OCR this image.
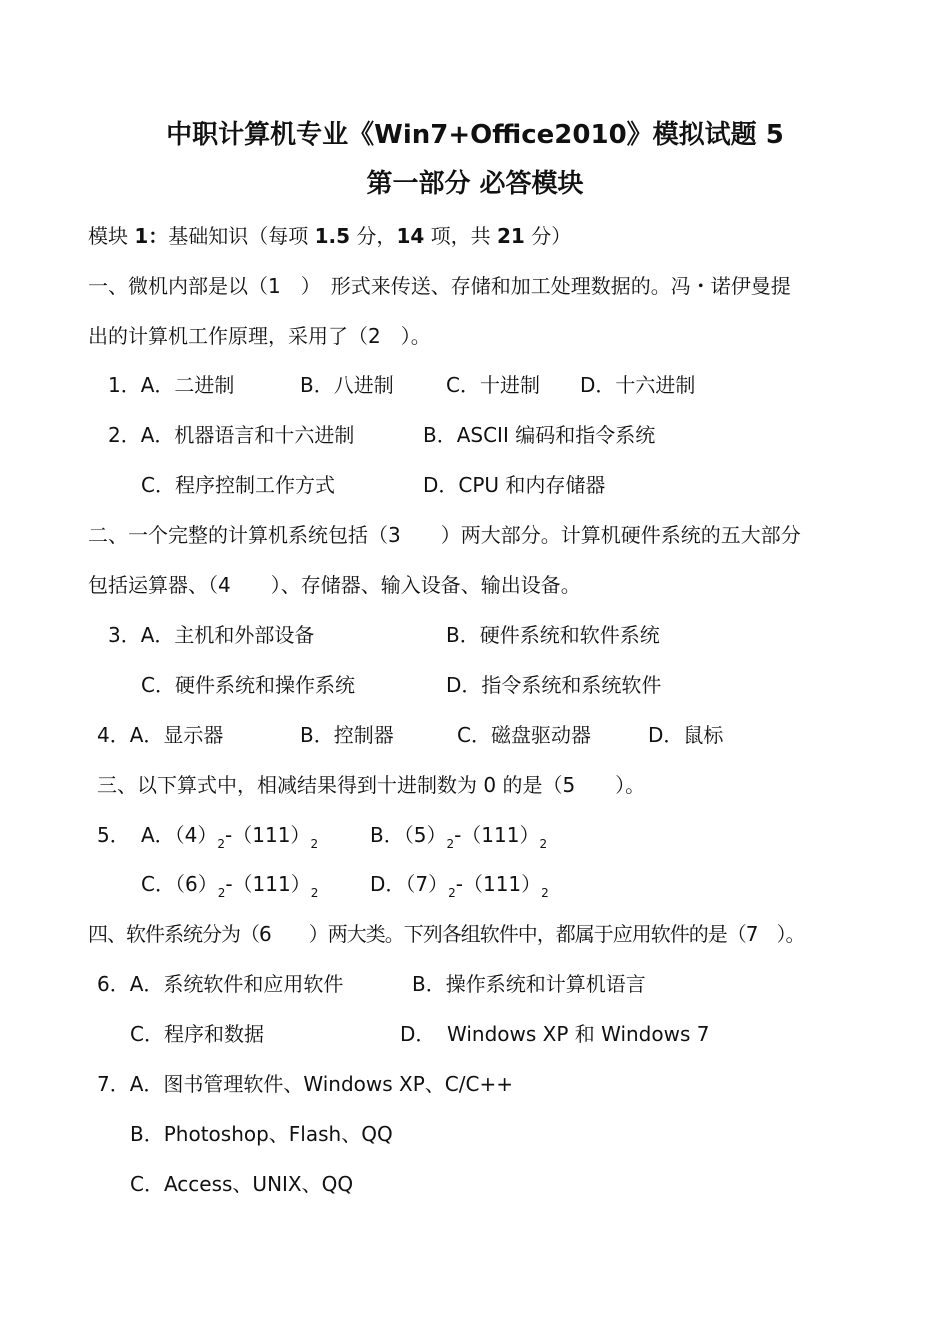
中职计算机专业《Win7+Office2010》模拟试题 5
第一部分 必答模块
模块 1：基础知识（每项 1.5 分，14 项，共 21 分）
一、微机内部是以（1　）　形式来传送、存储和加工处理数据的。冯・诺伊曼提
出的计算机工作原理，采用了（2　）。
1．A．二进制	B．八进制	C．十进制 D．十六进制
2．A．机器语言和十六进制	B．ASCII 编码和指令系统
C．程序控制工作方式	D．CPU 和内存储器
二、一个完整的计算机系统包括（3　　）两大部分。计算机硬件系统的五大部分
包括运算器、（4　　）、存储器、输入设备、输出设备。
3．A．主机和外部设备	B．硬件系统和软件系统
C．硬件系统和操作系统	D．指令系统和系统软件
4．A．显示器	B．控制器	C．磁盘驱动器	D．鼠标
三、以下算式中，相减结果得到十进制数为 0 的是（5　　）。
5． A．$(4)_2-(111)_2$	B．$(5)_2-(111)_2$
C．$(6)_2-(111)_2$	D．$(7)_2-(111)_2$
四、软件系统分为（6　　）两大类。下列各组软件中，都属于应用软件的是（7　）。
6．A．系统软件和应用软件	B．操作系统和计算机语言
C．程序和数据	D． Windows XP 和 Windows 7
7．A．图书管理软件、Windows XP、C/C++
B．Photoshop、Flash、QQ
C．Access、UNIX、QQ
